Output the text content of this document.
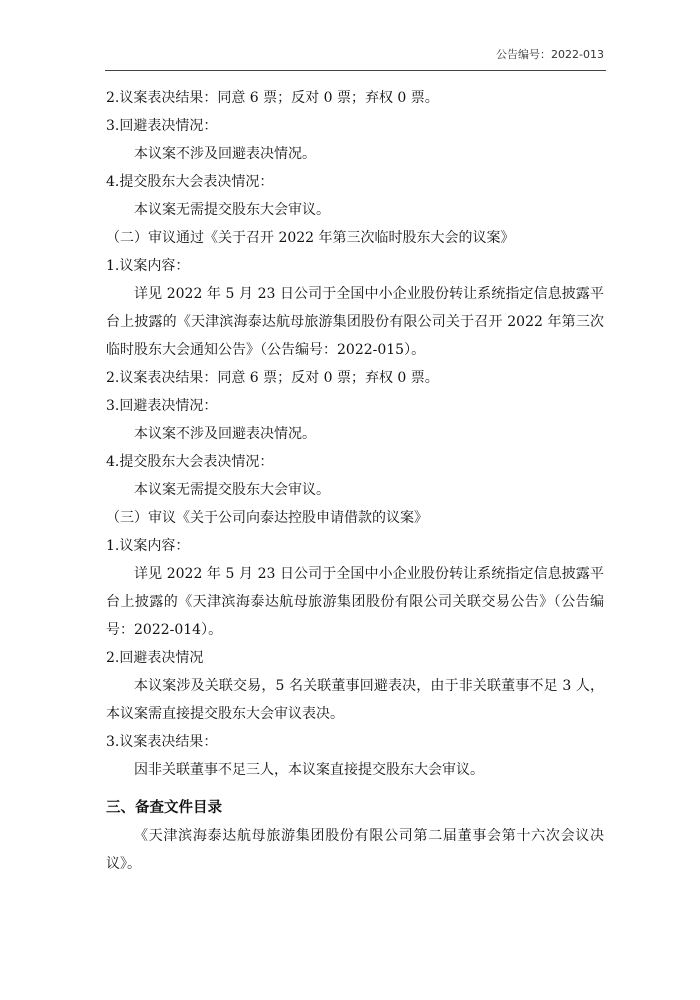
公告编号：2022-013
2.议案表决结果：同意 6 票；反对 0 票；弃权 0 票。
3.回避表决情况：
本议案不涉及回避表决情况。
4.提交股东大会表决情况：
本议案无需提交股东大会审议。
（二）审议通过《关于召开 2022 年第三次临时股东大会的议案》
1.议案内容：
详见 2022 年 5 月 23 日公司于全国中小企业股份转让系统指定信息披露平台上披露的《天津滨海泰达航母旅游集团股份有限公司关于召开 2022 年第三次临时股东大会通知公告》（公告编号：2022-015）。
2.议案表决结果：同意 6 票；反对 0 票；弃权 0 票。
3.回避表决情况：
本议案不涉及回避表决情况。
4.提交股东大会表决情况：
本议案无需提交股东大会审议。
（三）审议《关于公司向泰达控股申请借款的议案》
1.议案内容：
详见 2022 年 5 月 23 日公司于全国中小企业股份转让系统指定信息披露平台上披露的《天津滨海泰达航母旅游集团股份有限公司关联交易公告》（公告编号：2022-014）。
2.回避表决情况
本议案涉及关联交易，5 名关联董事回避表决，由于非关联董事不足 3 人，本议案需直接提交股东大会审议表决。
3.议案表决结果：
因非关联董事不足三人，本议案直接提交股东大会审议。
三、备查文件目录
《天津滨海泰达航母旅游集团股份有限公司第二届董事会第十六次会议决议》。
